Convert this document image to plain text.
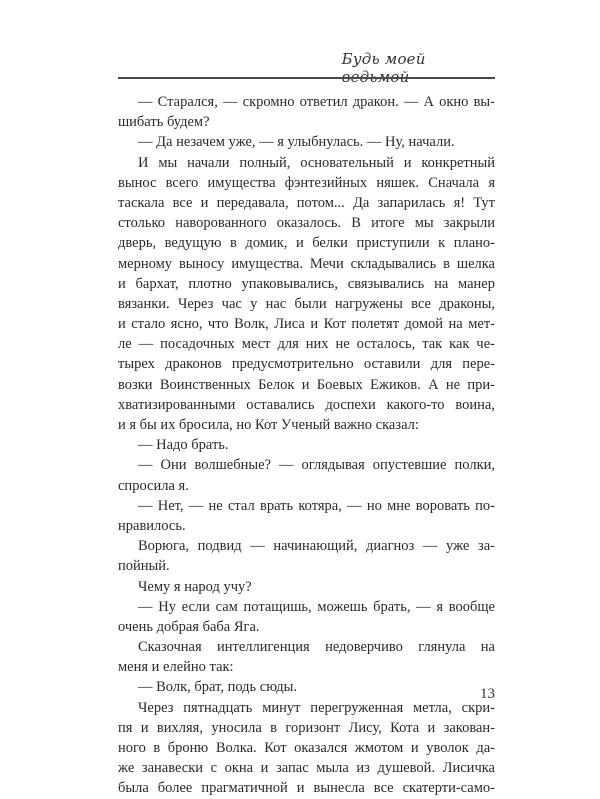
Будь моей ведьмой
— Старался, — скромно ответил дракон. — А окно вы-
шибать будем?
— Да незачем уже, — я улыбнулась. — Ну, начали.
И мы начали полный, основательный и конкретный
вынос всего имущества фэнтезийных няшек. Сначала я
таскала все и передавала, потом... Да запарилась я! Тут
столько наворованного оказалось. В итоге мы закрыли
дверь, ведущую в домик, и белки приступили к плано-
мерному выносу имущества. Мечи складывались в шелка
и бархат, плотно упаковывались, связывались на манер
вязанки. Через час у нас были нагружены все драконы,
и стало ясно, что Волк, Лиса и Кот полетят домой на мет-
ле — посадочных мест для них не осталось, так как че-
тырех драконов предусмотрительно оставили для пере-
возки Воинственных Белок и Боевых Ежиков. А не при-
хватизированными оставались доспехи какого-то воина,
и я бы их бросила, но Кот Ученый важно сказал:
— Надо брать.
— Они волшебные? — оглядывая опустевшие полки,
спросила я.
— Нет, — не стал врать котяра, — но мне воровать по-
нравилось.
Ворюга, подвид — начинающий, диагноз — уже за-
пойный.
Чему я народ учу?
— Ну если сам потащишь, можешь брать, — я вообще
очень добрая баба Яга.
Сказочная интеллигенция недоверчиво глянула на
меня и елейно так:
— Волк, брат, подь сюды.
Через пятнадцать минут перегруженная метла, скри-
пя и вихляя, уносила в горизонт Лису, Кота и закован-
ного в броню Волка. Кот оказался жмотом и уволок да-
же занавески с окна и запас мыла из душевой. Лисичка
была более прагматичной и вынесла все скатерти-само-
13
